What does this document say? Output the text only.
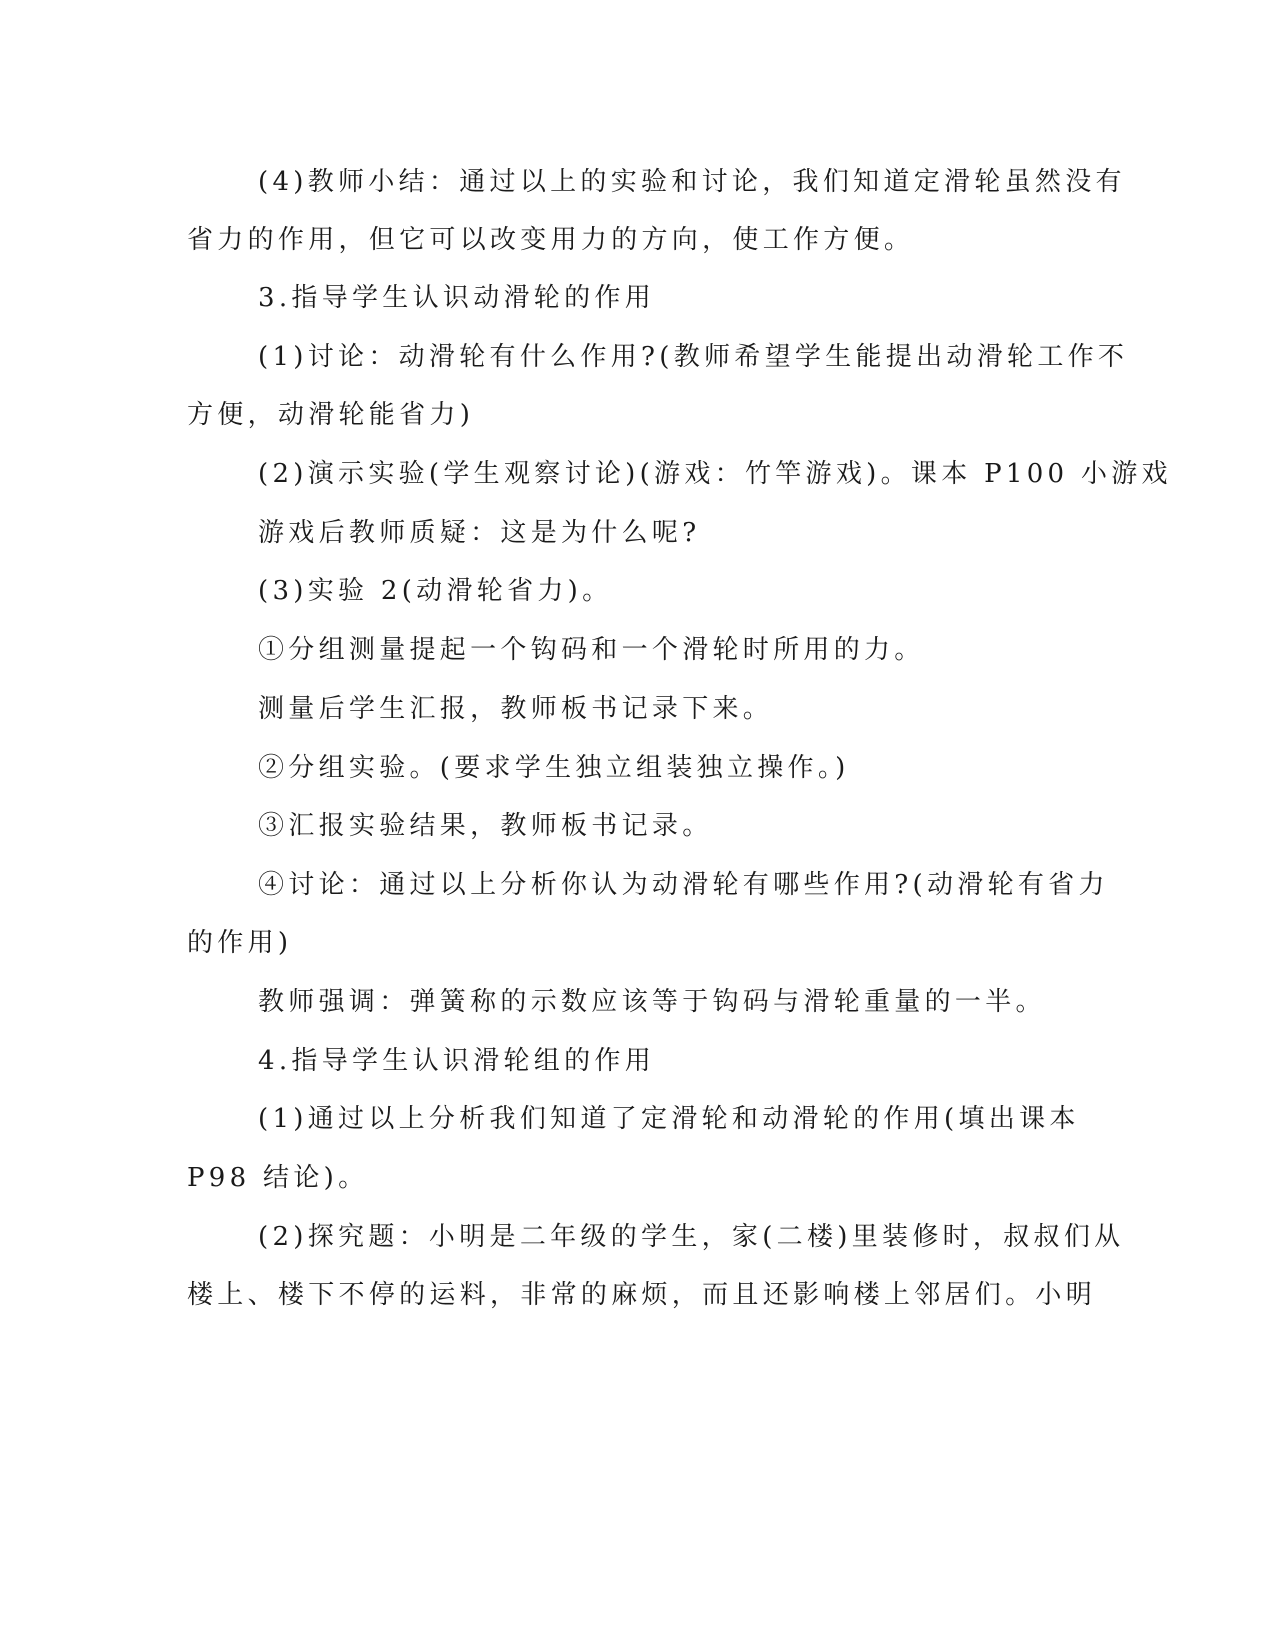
(4)教师小结：通过以上的实验和讨论，我们知道定滑轮虽然没有

省力的作用，但它可以改变用力的方向，使工作方便。

3.指导学生认识动滑轮的作用

(1)讨论：动滑轮有什么作用?(教师希望学生能提出动滑轮工作不

方便，动滑轮能省力)

(2)演示实验(学生观察讨论)(游戏：竹竿游戏)。课本 P100 小游戏

游戏后教师质疑：这是为什么呢?

(3)实验 2(动滑轮省力)。

①分组测量提起一个钩码和一个滑轮时所用的力。

测量后学生汇报，教师板书记录下来。

②分组实验。(要求学生独立组装独立操作。)

③汇报实验结果，教师板书记录。

④讨论：通过以上分析你认为动滑轮有哪些作用?(动滑轮有省力

的作用)

教师强调：弹簧称的示数应该等于钩码与滑轮重量的一半。

4.指导学生认识滑轮组的作用

(1)通过以上分析我们知道了定滑轮和动滑轮的作用(填出课本

P98 结论)。

(2)探究题：小明是二年级的学生，家(二楼)里装修时，叔叔们从

楼上、楼下不停的运料，非常的麻烦，而且还影响楼上邻居们。小明
